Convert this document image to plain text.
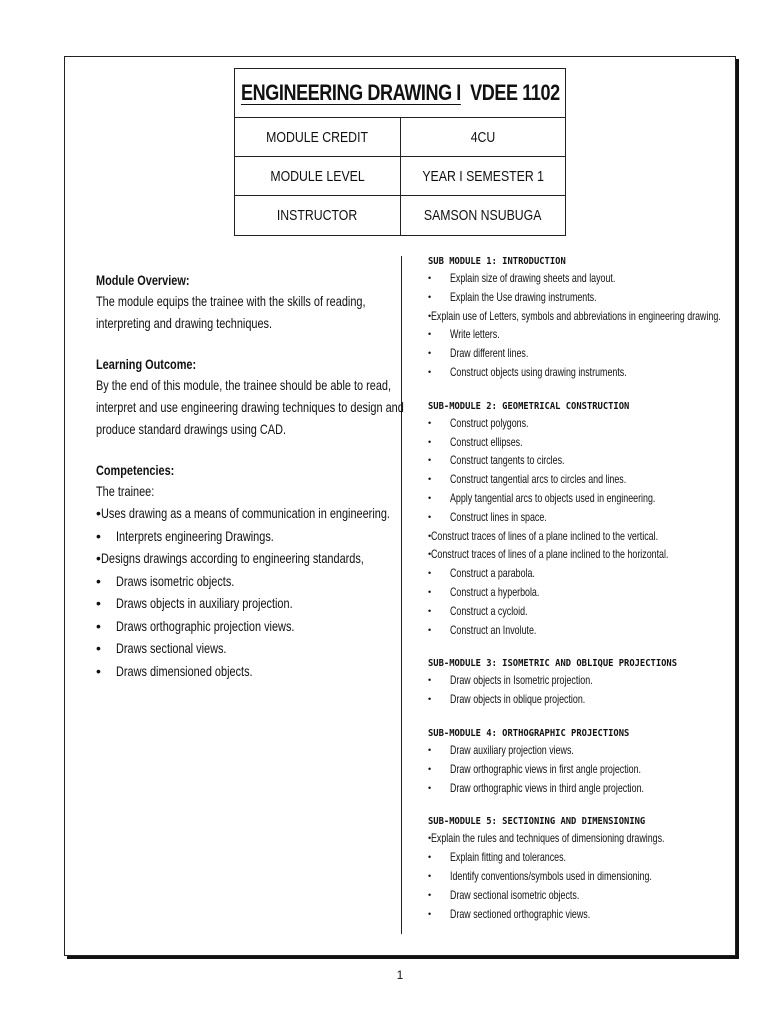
ENGINEERING DRAWING I VDEE 1102
MODULE CREDIT	4CU
MODULE LEVEL	YEAR I SEMESTER 1
INSTRUCTOR	SAMSON NSUBUGA
Module Overview:
The module equips the trainee with the skills of reading,
interpreting and drawing techniques.
Learning Outcome:
By the end of this module, the trainee should be able to read,
interpret and use engineering drawing techniques to design and
produce standard drawings using CAD.
Competencies:
The trainee:
• Uses drawing as a means of communication in engineering.
•	Interprets engineering Drawings.
• Designs drawings according to engineering standards,
•	Draws isometric objects.
•	Draws objects in auxiliary projection.
•	Draws orthographic projection views.
•	Draws sectional views.
•	Draws dimensioned objects.
SUB MODULE 1: INTRODUCTION
•	Explain size of drawing sheets and layout.
•	Explain the Use drawing instruments.
• Explain use of Letters, symbols and abbreviations in engineering drawing.
•	Write letters.
•	Draw different lines.
•	Construct objects using drawing instruments.
SUB-MODULE 2: GEOMETRICAL CONSTRUCTION
•	Construct polygons.
•	Construct ellipses.
•	Construct tangents to circles.
•	Construct tangential arcs to circles and lines.
•	Apply tangential arcs to objects used in engineering.
•	Construct lines in space.
• Construct traces of lines of a plane inclined to the vertical.
• Construct traces of lines of a plane inclined to the horizontal.
•	Construct a parabola.
•	Construct a hyperbola.
•	Construct a cycloid.
•	Construct an Involute.
SUB-MODULE 3: ISOMETRIC AND OBLIQUE PROJECTIONS
•	Draw objects in Isometric projection.
•	Draw objects in oblique projection.
SUB-MODULE 4: ORTHOGRAPHIC PROJECTIONS
•	Draw auxiliary projection views.
•	Draw orthographic views in first angle projection.
•	Draw orthographic views in third angle projection.
SUB-MODULE 5: SECTIONING AND DIMENSIONING
• Explain the rules and techniques of dimensioning drawings.
•	Explain fitting and tolerances.
•	Identify conventions/symbols used in dimensioning.
•	Draw sectional isometric objects.
•	Draw sectioned orthographic views.
1
